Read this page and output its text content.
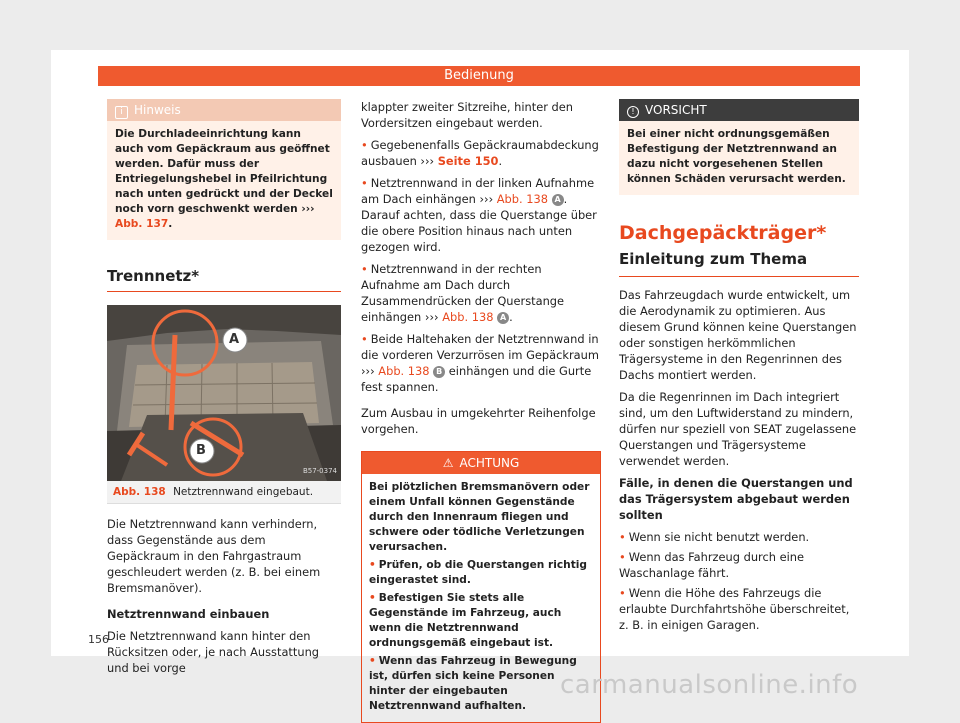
Bedienung
i Hinweis
Die Durchladeeinrichtung kann auch vom Gepäckraum aus geöffnet werden. Dafür muss der Entriegelungshebel in Pfeilrichtung nach unten gedrückt und der Deckel noch vorn geschwenkt werden ››› Abb. 137.
Trennnetz*
A
B
B57-0374
Abb. 138 Netztrennwand eingebaut.

Die Netztrennwand kann verhindern, dass Gegenstände aus dem Gepäckraum in den Fahrgastraum geschleudert werden (z. B. bei einem Bremsmanöver).

Netztrennwand einbauen

Die Netztrennwand kann hinter den Rücksitzen oder, je nach Ausstattung und bei vorge

klappter zweiter Sitzreihe, hinter den Vordersitzen eingebaut werden.

• Gegebenenfalls Gepäckraumabdeckung ausbauen ››› Seite 150.

• Netztrennwand in der linken Aufnahme am Dach einhängen ››› Abb. 138 A . Darauf achten, dass die Querstange über die obere Position hinaus nach unten gezogen wird.

• Netztrennwand in der rechten Aufnahme am Dach durch Zusammendrücken der Querstange einhängen ››› Abb. 138 A .

• Beide Haltehaken der Netztrennwand in die vorderen Verzurrösen im Gepäckraum ››› Abb. 138 B einhängen und die Gurte fest spannen.

Zum Ausbau in umgekehrter Reihenfolge vorgehen.

⚠ ACHTUNG
Bei plötzlichen Bremsmanövern oder einem Unfall können Gegenstände durch den Innenraum fliegen und schwere oder tödliche Verletzungen verursachen.
• Prüfen, ob die Querstangen richtig eingerastet sind.
• Befestigen Sie stets alle Gegenstände im Fahrzeug, auch wenn die Netztrennwand ordnungsgemäß eingebaut ist.
• Wenn das Fahrzeug in Bewegung ist, dürfen sich keine Personen hinter der eingebauten Netztrennwand aufhalten.
! VORSICHT
Bei einer nicht ordnungsgemäßen Befestigung der Netztrennwand an dazu nicht vorgesehenen Stellen können Schäden verursacht werden.
Dachgepäckträger*
Einleitung zum Thema

Das Fahrzeugdach wurde entwickelt, um die Aerodynamik zu optimieren. Aus diesem Grund können keine Querstangen oder sonstigen herkömmlichen Trägersysteme in den Regenrinnen des Dachs montiert werden.

Da die Regenrinnen im Dach integriert sind, um den Luftwiderstand zu mindern, dürfen nur speziell von SEAT zugelassene Querstangen und Trägersysteme verwendet werden.

Fälle, in denen die Querstangen und das Trägersystem abgebaut werden sollten

• Wenn sie nicht benutzt werden.
• Wenn das Fahrzeug durch eine Waschanlage fährt.
• Wenn die Höhe des Fahrzeugs die erlaubte Durchfahrtshöhe überschreitet, z. B. in einigen Garagen.
156
carmanualsonline.info
